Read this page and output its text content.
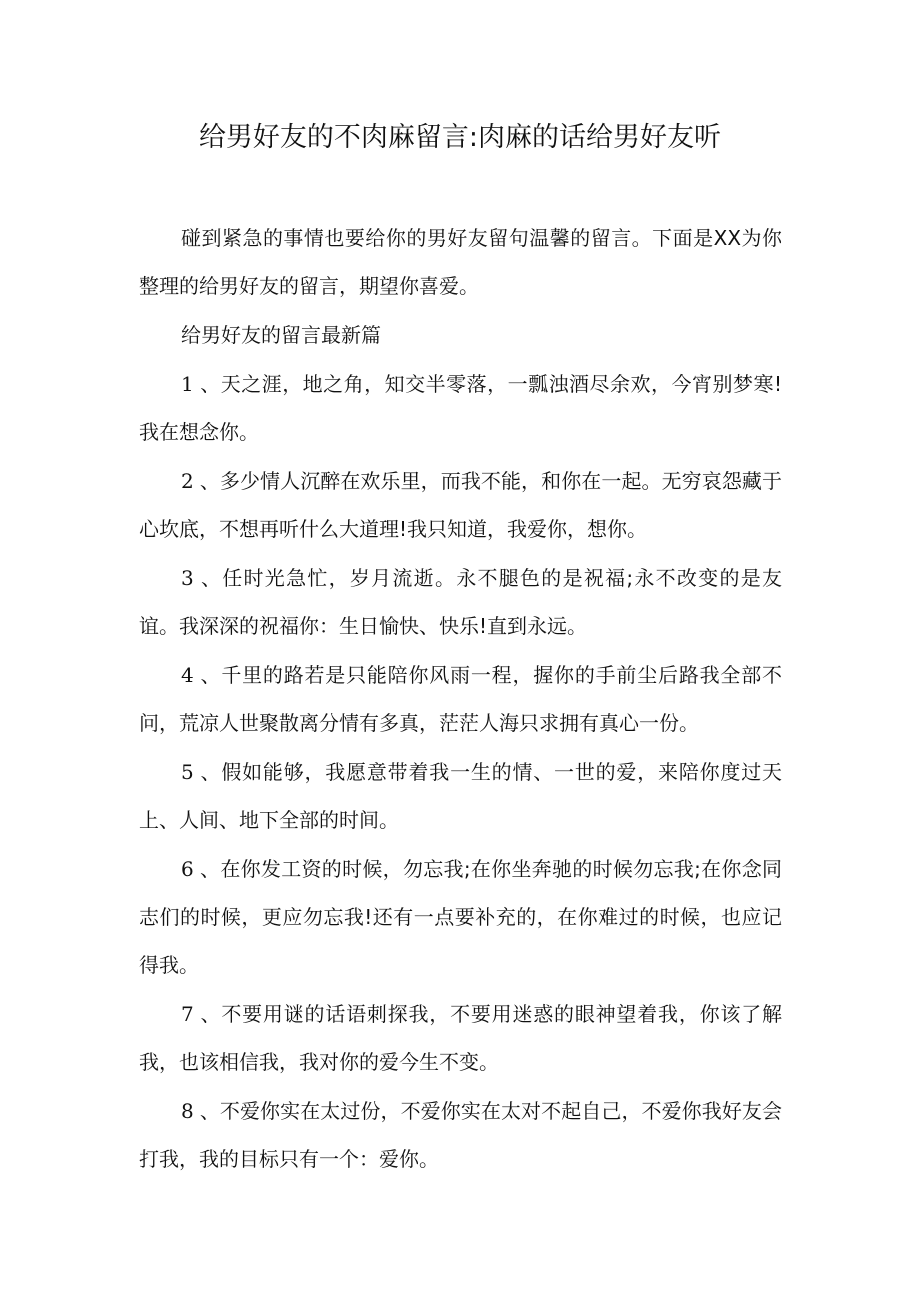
给男好友的不肉麻留言:肉麻的话给男好友听

碰到紧急的事情也要给你的男好友留句温馨的留言。下面是XX为你整理的给男好友的留言，期望你喜爱。

给男好友的留言最新篇

1 、天之涯，地之角，知交半零落，一瓢浊酒尽余欢，今宵别梦寒!我在想念你。

2 、多少情人沉醉在欢乐里，而我不能，和你在一起。无穷哀怨藏于心坎底，不想再听什么大道理!我只知道，我爱你，想你。

3 、任时光急忙，岁月流逝。永不腿色的是祝福;永不改变的是友谊。我深深的祝福你：生日愉快、快乐!直到永远。

4 、千里的路若是只能陪你风雨一程，握你的手前尘后路我全部不问，荒凉人世聚散离分情有多真，茫茫人海只求拥有真心一份。

5 、假如能够，我愿意带着我一生的情、一世的爱，来陪你度过天上、人间、地下全部的时间。

6 、在你发工资的时候，勿忘我;在你坐奔驰的时候勿忘我;在你念同志们的时候，更应勿忘我!还有一点要补充的，在你难过的时候，也应记得我。

7 、不要用谜的话语刺探我，不要用迷惑的眼神望着我，你该了解我，也该相信我，我对你的爱今生不变。

8 、不爱你实在太过份，不爱你实在太对不起自己，不爱你我好友会打我，我的目标只有一个：爱你。
